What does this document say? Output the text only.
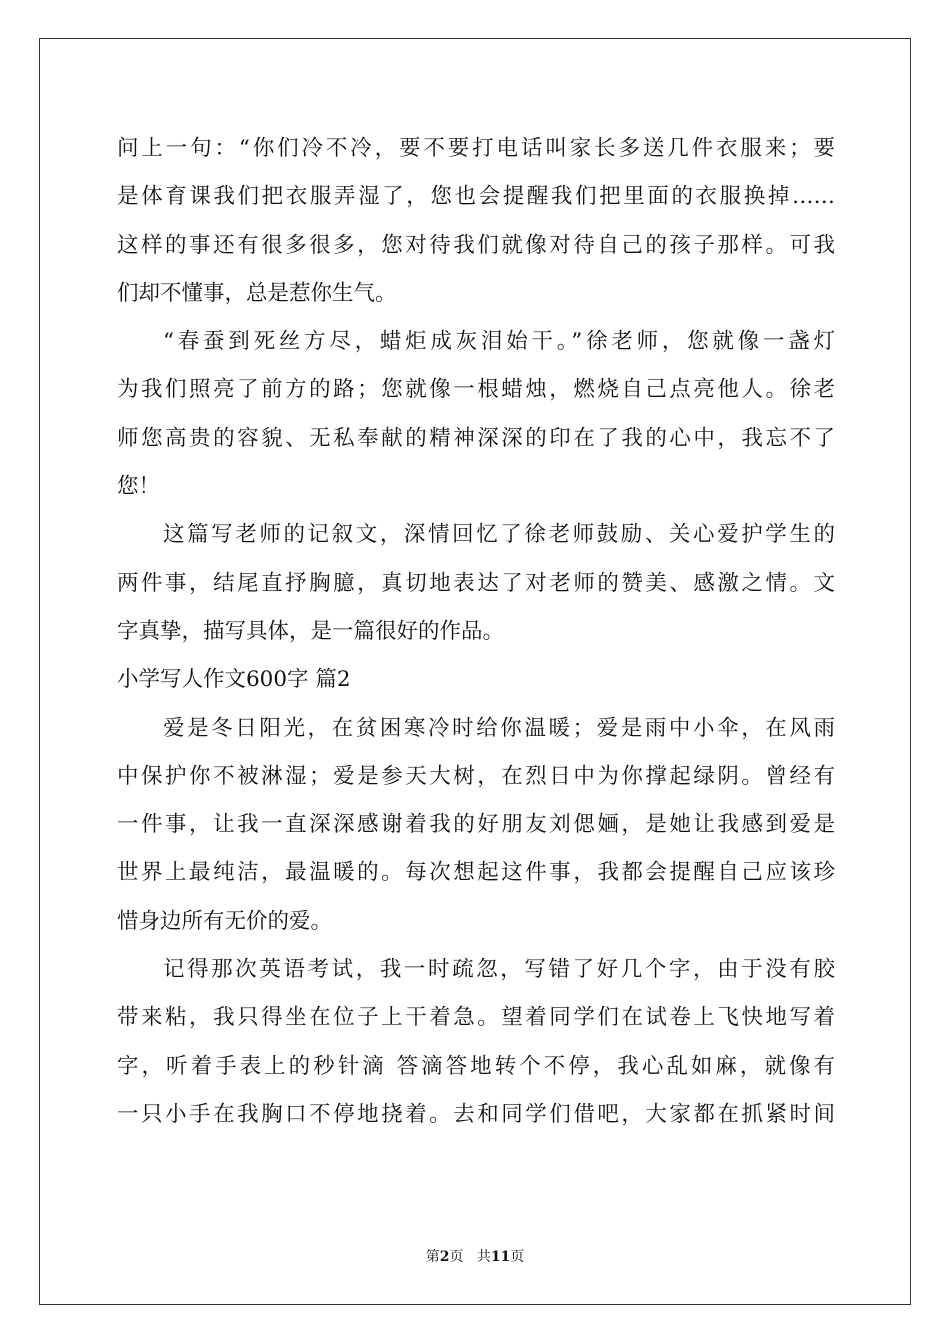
问上一句：“你们冷不冷，要不要打电话叫家长多送几件衣服来；要
是体育课我们把衣服弄湿了，您也会提醒我们把里面的衣服换掉……
这样的事还有很多很多，您对待我们就像对待自己的孩子那样。可我
们却不懂事，总是惹你生气。
“春蚕到死丝方尽，蜡炬成灰泪始干。”徐老师，您就像一盏灯
为我们照亮了前方的路；您就像一根蜡烛，燃烧自己点亮他人。徐老
师您高贵的容貌、无私奉献的精神深深的印在了我的心中，我忘不了
您！
这篇写老师的记叙文，深情回忆了徐老师鼓励、关心爱护学生的
两件事，结尾直抒胸臆，真切地表达了对老师的赞美、感激之情。文
字真挚，描写具体，是一篇很好的作品。
小学写人作文600字 篇2
爱是冬日阳光，在贫困寒冷时给你温暖；爱是雨中小伞，在风雨
中保护你不被淋湿；爱是参天大树，在烈日中为你撑起绿阴。曾经有
一件事，让我一直深深感谢着我的好朋友刘偲婳，是她让我感到爱是
世界上最纯洁，最温暖的。每次想起这件事，我都会提醒自己应该珍
惜身边所有无价的爱。
记得那次英语考试，我一时疏忽，写错了好几个字，由于没有胶
带来粘，我只得坐在位子上干着急。望着同学们在试卷上飞快地写着
字，听着手表上的秒针滴 答滴答地转个不停，我心乱如麻，就像有
一只小手在我胸口不停地挠着。去和同学们借吧，大家都在抓紧时间
第2页 共11页
